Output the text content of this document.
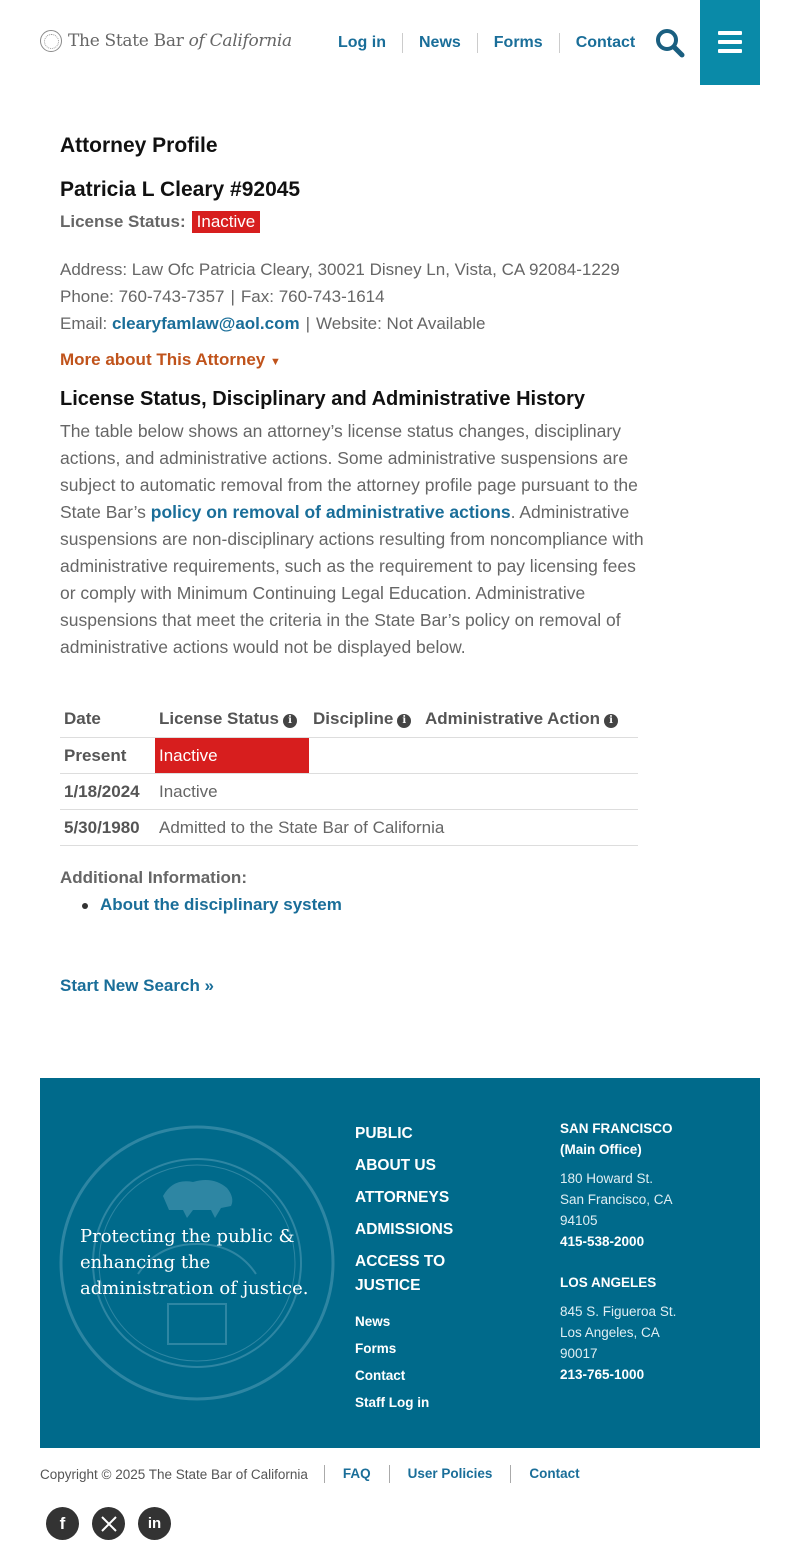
The State Bar of California	Log in	News	Forms	Contact
Attorney Profile
Patricia L Cleary #92045
License Status: Inactive
Address: Law Ofc Patricia Cleary, 30021 Disney Ln, Vista, CA 92084-1229
Phone: 760-743-7357 | Fax: 760-743-1614
Email: clearyfamlaw@aol.com | Website: Not Available
More about This Attorney ▼
License Status, Disciplinary and Administrative History

The table below shows an attorney’s license status changes, disciplinary actions, and administrative actions. Some administrative suspensions are subject to automatic removal from the attorney profile page pursuant to the State Bar’s policy on removal of administrative actions. Administrative suspensions are non-disciplinary actions resulting from noncompliance with administrative requirements, such as the requirement to pay licensing fees or comply with Minimum Continuing Legal Education. Administrative suspensions that meet the criteria in the State Bar’s policy on removal of administrative actions would not be displayed below.

Date	License Status i	Discipline i	Administrative Action i
Present	Inactive		
1/18/2024	Inactive		
5/30/1980	Admitted to the State Bar of California		
Additional Information:
About the disciplinary system
Start New Search »
Protecting the public & enhancing the administration of justice.
PUBLIC
ABOUT US
ATTORNEYS
ADMISSIONS
ACCESS TO JUSTICE
News
Forms
Contact
Staff Log in
SAN FRANCISCO
(Main Office)
180 Howard St.
San Francisco, CA
94105
415-538-2000
LOS ANGELES
845 S. Figueroa St.
Los Angeles, CA
90017
213-765-1000
Copyright © 2025 The State Bar of California	FAQ	User Policies	Contact
f	in
